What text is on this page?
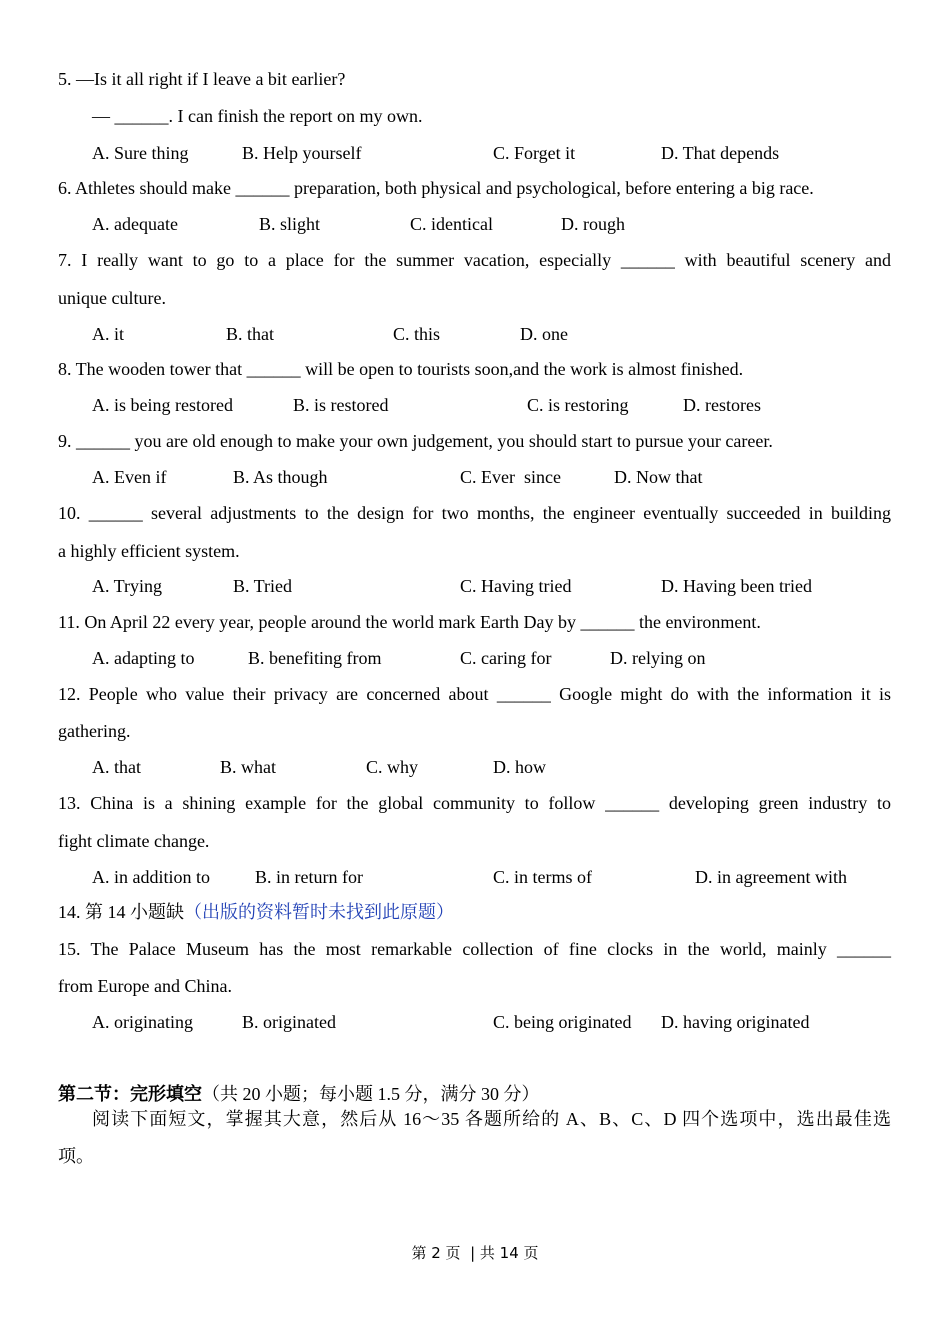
5. —Is it all right if I leave a bit earlier?
— ______. I can finish the report on my own.
A. Sure thing	B. Help yourself	C. Forget it	D. That depends
6. Athletes should make ______ preparation, both physical and psychological, before entering a big race.
A. adequate	B. slight	C. identical	D. rough
7. I really want to go to a place for the summer vacation, especially ______ with beautiful scenery and
unique culture.
A. it	B. that	C. this	D. one
8. The wooden tower that ______ will be open to tourists soon,and the work is almost finished.
A. is being restored	B. is restored	C. is restoring	D. restores
9. ______ you are old enough to make your own judgement, you should start to pursue your career.
A. Even if	B. As though	C. Ever  since	D. Now that
10. ______ several adjustments to the design for two months, the engineer eventually succeeded in building
a highly efficient system.
A. Trying	B. Tried	C. Having tried	D. Having been tried
11. On April 22 every year, people around the world mark Earth Day by ______ the environment.
A. adapting to	B. benefiting from	C. caring for	D. relying on
12. People who value their privacy are concerned about ______ Google might do with the information it is
gathering.
A. that	B. what	C. why	D. how
13. China is a shining example for the global community to follow ______ developing green industry to
fight climate change.
A. in addition to	B. in return for	C. in terms of	D. in agreement with
14. 第 14 小题缺（出版的资料暂时未找到此原题）
15. The Palace Museum has the most remarkable collection of fine clocks in the world, mainly ______
from Europe and China.
A. originating	B. originated	C. being originated D. having originated
第二节：完形填空（共 20 小题；每小题 1.5 分，满分 30 分）
阅读下面短文，掌握其大意，然后从 16～35 各题所给的 A、B、C、D 四个选项中，选出最佳选
项。
第 2 页  | 共 14 页
